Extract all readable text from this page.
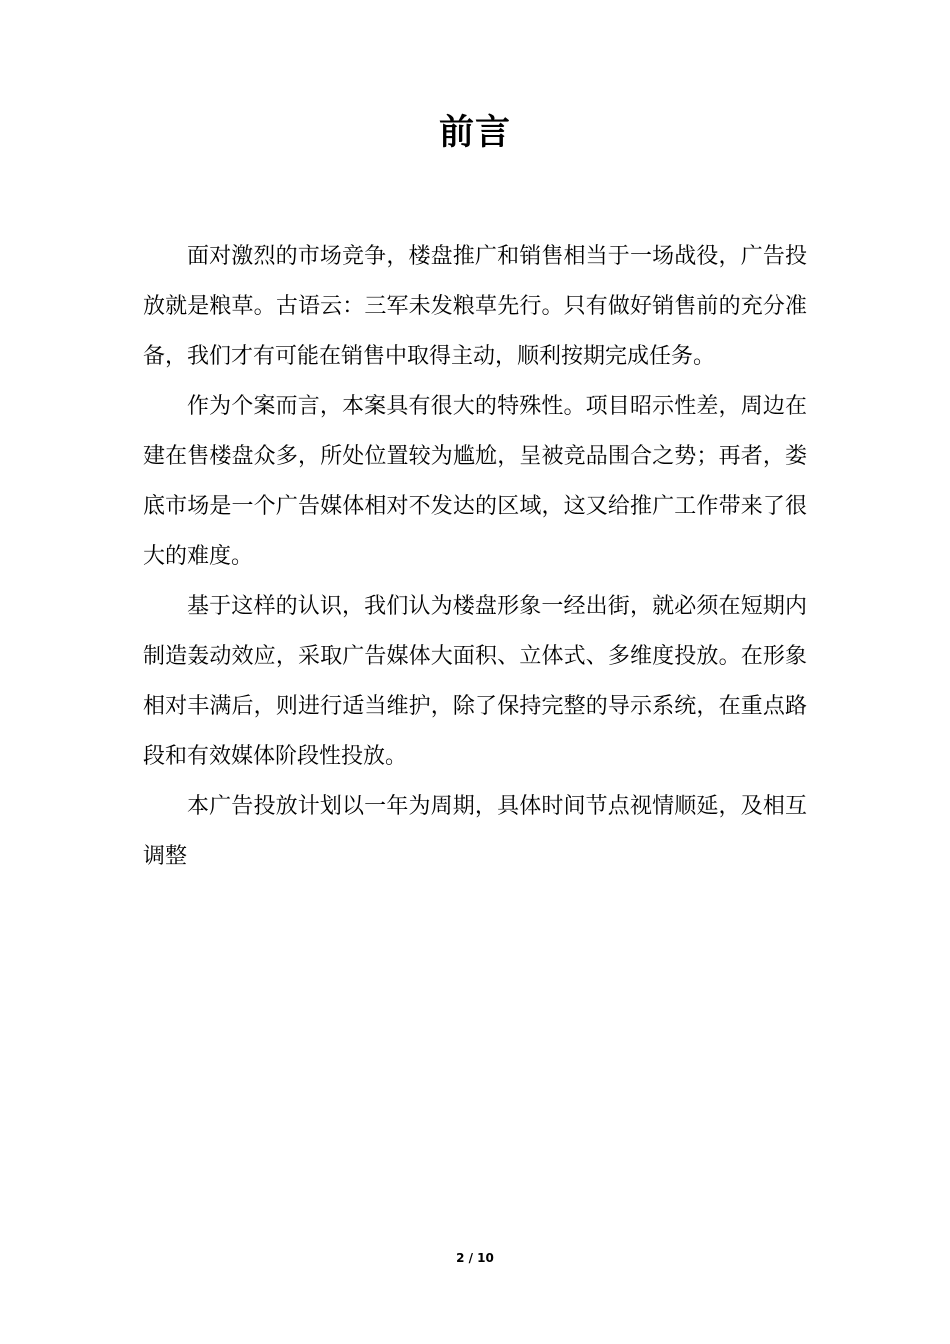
前言

面对激烈的市场竞争，楼盘推广和销售相当于一场战役，广告投放就是粮草。古语云：三军未发粮草先行。只有做好销售前的充分准备，我们才有可能在销售中取得主动，顺利按期完成任务。

作为个案而言，本案具有很大的特殊性。项目昭示性差，周边在建在售楼盘众多，所处位置较为尴尬，呈被竞品围合之势；再者，娄底市场是一个广告媒体相对不发达的区域，这又给推广工作带来了很大的难度。

基于这样的认识，我们认为楼盘形象一经出街，就必须在短期内制造轰动效应，采取广告媒体大面积、立体式、多维度投放。在形象相对丰满后，则进行适当维护，除了保持完整的导示系统，在重点路段和有效媒体阶段性投放。

本广告投放计划以一年为周期，具体时间节点视情顺延，及相互调整

2 / 10
